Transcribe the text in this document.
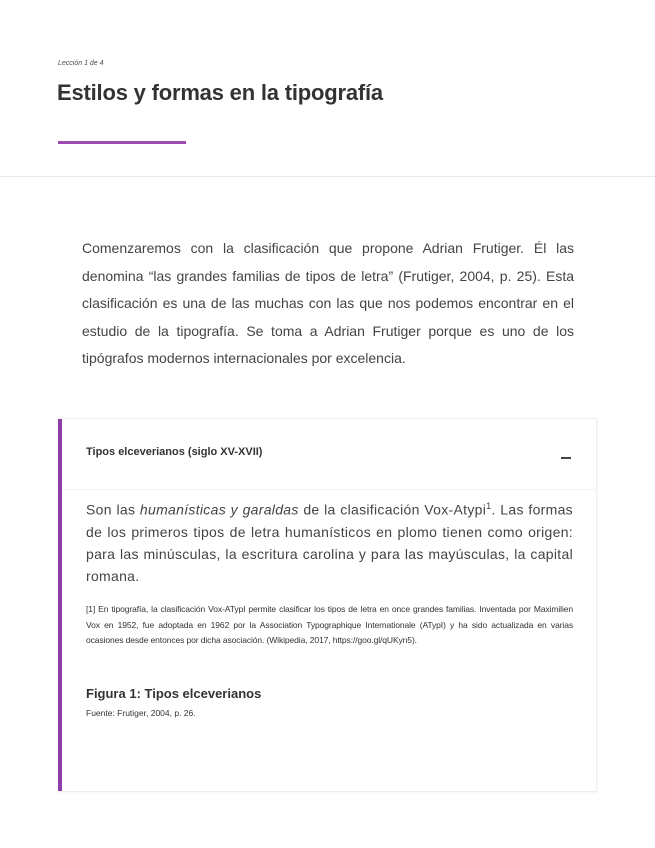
Lección 1 de 4
Estilos y formas en la tipografía

Comenzaremos con la clasificación que propone Adrian Frutiger. Él las denomina “las grandes familias de tipos de letra” (Frutiger, 2004, p. 25). Esta clasificación es una de las muchas con las que nos podemos encontrar en el estudio de la tipografía. Se toma a Adrian Frutiger porque es uno de los tipógrafos modernos internacionales por excelencia.

Tipos elceverianos (siglo XV-XVII)

Son las humanísticas y garaldas de la clasificación Vox-Atypi$^1$. Las formas de los primeros tipos de letra humanísticos en plomo tienen como origen: para las minúsculas, la escritura carolina y para las mayúsculas, la capital romana.

[1] En tipografía, la clasificación Vox-ATypI permite clasificar los tipos de letra en once grandes familias. Inventada por Maximilien Vox en 1952, fue adoptada en 1962 por la Association Typographique Internationale (ATypI) y ha sido actualizada en varias ocasiones desde entonces por dicha asociación. (Wikipedia, 2017, https://goo.gl/qUKyn5).

Figura 1: Tipos elceverianos
Fuente: Frutiger, 2004, p. 26.
